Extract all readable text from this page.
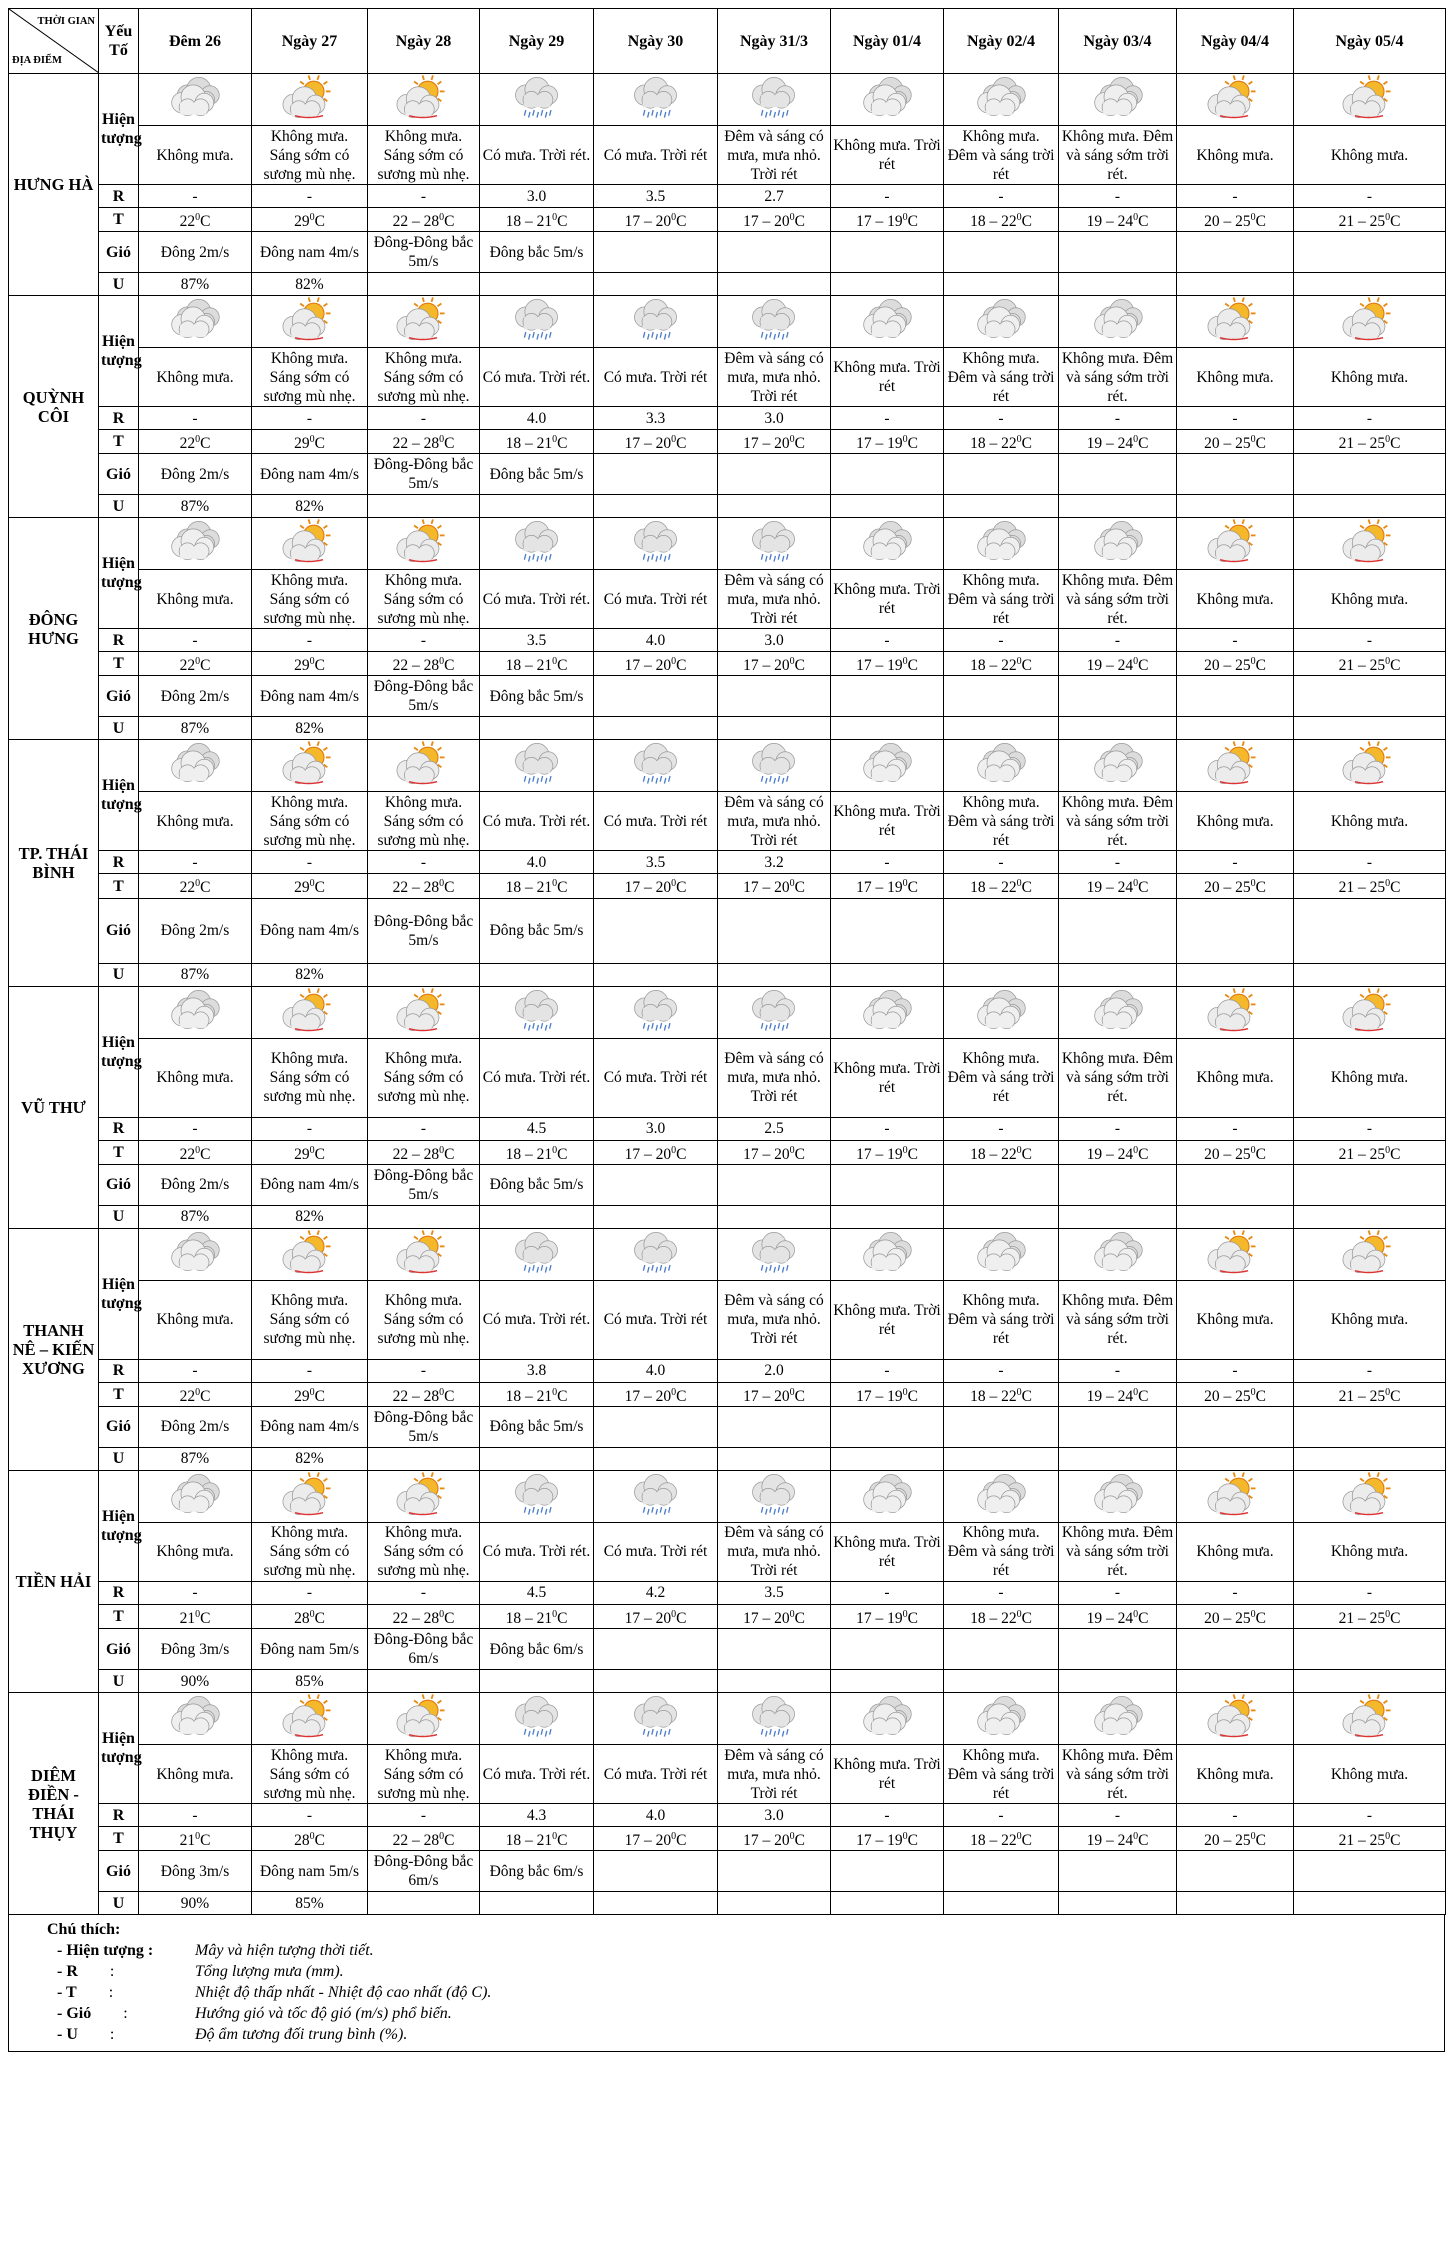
THỜI GIAN
ĐỊA ĐIỂM	Yếu Tố	Đêm 26	Ngày 27	Ngày 28	Ngày 29	Ngày 30	Ngày 31/3	Ngày 01/4	Ngày 02/4	Ngày 03/4	Ngày 04/4	Ngày 05/4
HƯNG HÀ	Hiện tượng											
		Không mưa.	Không mưa. Sáng sớm có sương mù nhẹ.	Không mưa. Sáng sớm có sương mù nhẹ.	Có mưa. Trời rét.	Có mưa. Trời rét	Đêm và sáng có mưa, mưa nhỏ. Trời rét	Không mưa. Trời rét	Không mưa. Đêm và sáng trời rét	Không mưa. Đêm và sáng sớm trời rét.	Không mưa.	Không mưa.
	R	-	-	-	3.0	3.5	2.7	-	-	-	-	-
	T	$22^0C$	$29^0C$	$22 - 28^0C$	$18 - 21^0C$	$17 - 20^0C$	$17 - 20^0C$	$17 - 19^0C$	$18 - 22^0C$	$19 - 24^0C$	$20 - 25^0C$	$21 - 25^0C$
	Gió	Đông 2m/s	Đông nam 4m/s	Đông-Đông bắc 5m/s	Đông bắc 5m/s							
	U	87%	82%									

QUỲNH CÔI	Hiện tượng											
		Không mưa.	Không mưa. Sáng sớm có sương mù nhẹ.	Không mưa. Sáng sớm có sương mù nhẹ.	Có mưa. Trời rét.	Có mưa. Trời rét	Đêm và sáng có mưa, mưa nhỏ. Trời rét	Không mưa. Trời rét	Không mưa. Đêm và sáng trời rét	Không mưa. Đêm và sáng sớm trời rét.	Không mưa.	Không mưa.
	R	-	-	-	4.0	3.3	3.0	-	-	-	-	-
	T	$22^0C$	$29^0C$	$22 - 28^0C$	$18 - 21^0C$	$17 - 20^0C$	$17 - 20^0C$	$17 - 19^0C$	$18 - 22^0C$	$19 - 24^0C$	$20 - 25^0C$	$21 - 25^0C$
	Gió	Đông 2m/s	Đông nam 4m/s	Đông-Đông bắc 5m/s	Đông bắc 5m/s							
	U	87%	82%									

ĐÔNG HƯNG	Hiện tượng											
		Không mưa.	Không mưa. Sáng sớm có sương mù nhẹ.	Không mưa. Sáng sớm có sương mù nhẹ.	Có mưa. Trời rét.	Có mưa. Trời rét	Đêm và sáng có mưa, mưa nhỏ. Trời rét	Không mưa. Trời rét	Không mưa. Đêm và sáng trời rét	Không mưa. Đêm và sáng sớm trời rét.	Không mưa.	Không mưa.
	R	-	-	-	3.5	4.0	3.0	-	-	-	-	-
	T	$22^0C$	$29^0C$	$22 - 28^0C$	$18 - 21^0C$	$17 - 20^0C$	$17 - 20^0C$	$17 - 19^0C$	$18 - 22^0C$	$19 - 24^0C$	$20 - 25^0C$	$21 - 25^0C$
	Gió	Đông 2m/s	Đông nam 4m/s	Đông-Đông bắc 5m/s	Đông bắc 5m/s							
	U	87%	82%									

TP. THÁI BÌNH	Hiện tượng											
		Không mưa.	Không mưa. Sáng sớm có sương mù nhẹ.	Không mưa. Sáng sớm có sương mù nhẹ.	Có mưa. Trời rét.	Có mưa. Trời rét	Đêm và sáng có mưa, mưa nhỏ. Trời rét	Không mưa. Trời rét	Không mưa. Đêm và sáng trời rét	Không mưa. Đêm và sáng sớm trời rét.	Không mưa.	Không mưa.
	R	-	-	-	4.0	3.5	3.2	-	-	-	-	-
	T	$22^0C$	$29^0C$	$22 - 28^0C$	$18 - 21^0C$	$17 - 20^0C$	$17 - 20^0C$	$17 - 19^0C$	$18 - 22^0C$	$19 - 24^0C$	$20 - 25^0C$	$21 - 25^0C$
	Gió	Đông 2m/s	Đông nam 4m/s	Đông-Đông bắc 5m/s	Đông bắc 5m/s							
	U	87%	82%									

VŨ THƯ	Hiện tượng											
		Không mưa.	Không mưa. Sáng sớm có sương mù nhẹ.	Không mưa. Sáng sớm có sương mù nhẹ.	Có mưa. Trời rét.	Có mưa. Trời rét	Đêm và sáng có mưa, mưa nhỏ. Trời rét	Không mưa. Trời rét	Không mưa. Đêm và sáng trời rét	Không mưa. Đêm và sáng sớm trời rét.	Không mưa.	Không mưa.
	R	-	-	-	4.5	3.0	2.5	-	-	-	-	-
	T	$22^0C$	$29^0C$	$22 - 28^0C$	$18 - 21^0C$	$17 - 20^0C$	$17 - 20^0C$	$17 - 19^0C$	$18 - 22^0C$	$19 - 24^0C$	$20 - 25^0C$	$21 - 25^0C$
	Gió	Đông 2m/s	Đông nam 4m/s	Đông-Đông bắc 5m/s	Đông bắc 5m/s							
	U	87%	82%									

THANH NÊ – KIẾN XƯƠNG	Hiện tượng											
		Không mưa.	Không mưa. Sáng sớm có sương mù nhẹ.	Không mưa. Sáng sớm có sương mù nhẹ.	Có mưa. Trời rét.	Có mưa. Trời rét	Đêm và sáng có mưa, mưa nhỏ. Trời rét	Không mưa. Trời rét	Không mưa. Đêm và sáng trời rét	Không mưa. Đêm và sáng sớm trời rét.	Không mưa.	Không mưa.
	R	-	-	-	3.8	4.0	2.0	-	-	-	-	-
	T	$22^0C$	$29^0C$	$22 - 28^0C$	$18 - 21^0C$	$17 - 20^0C$	$17 - 20^0C$	$17 - 19^0C$	$18 - 22^0C$	$19 - 24^0C$	$20 - 25^0C$	$21 - 25^0C$
	Gió	Đông 2m/s	Đông nam 4m/s	Đông-Đông bắc 5m/s	Đông bắc 5m/s							
	U	87%	82%									

TIỀN HẢI	Hiện tượng											
		Không mưa.	Không mưa. Sáng sớm có sương mù nhẹ.	Không mưa. Sáng sớm có sương mù nhẹ.	Có mưa. Trời rét.	Có mưa. Trời rét	Đêm và sáng có mưa, mưa nhỏ. Trời rét	Không mưa. Trời rét	Không mưa. Đêm và sáng trời rét	Không mưa. Đêm và sáng sớm trời rét.	Không mưa.	Không mưa.
	R	-	-	-	4.5	4.2	3.5	-	-	-	-	-
	T	$21^0C$	$28^0C$	$22 - 28^0C$	$18 - 21^0C$	$17 - 20^0C$	$17 - 20^0C$	$17 - 19^0C$	$18 - 22^0C$	$19 - 24^0C$	$20 - 25^0C$	$21 - 25^0C$
	Gió	Đông 3m/s	Đông nam 5m/s	Đông-Đông bắc 6m/s	Đông bắc 6m/s							
	U	90%	85%									

DIÊM ĐIỀN - THÁI THỤY	Hiện tượng											
		Không mưa.	Không mưa. Sáng sớm có sương mù nhẹ.	Không mưa. Sáng sớm có sương mù nhẹ.	Có mưa. Trời rét.	Có mưa. Trời rét	Đêm và sáng có mưa, mưa nhỏ. Trời rét	Không mưa. Trời rét	Không mưa. Đêm và sáng trời rét	Không mưa. Đêm và sáng sớm trời rét.	Không mưa.	Không mưa.
	R	-	-	-	4.3	4.0	3.0	-	-	-	-	-
	T	$21^0C$	$28^0C$	$22 - 28^0C$	$18 - 21^0C$	$17 - 20^0C$	$17 - 20^0C$	$17 - 19^0C$	$18 - 22^0C$	$19 - 24^0C$	$20 - 25^0C$	$21 - 25^0C$
	Gió	Đông 3m/s	Đông nam 5m/s	Đông-Đông bắc 6m/s	Đông bắc 6m/s							
	U	90%	85%									

Chú thích:
- Hiện tượng :	Mây và hiện tượng thời tiết.
- R :	Tổng lượng mưa (mm).
- T :	Nhiệt độ thấp nhất - Nhiệt độ cao nhất (độ C).
- Gió :	Hướng gió và tốc độ gió (m/s) phổ biến.
- U :	Độ ẩm tương đối trung bình (%).
